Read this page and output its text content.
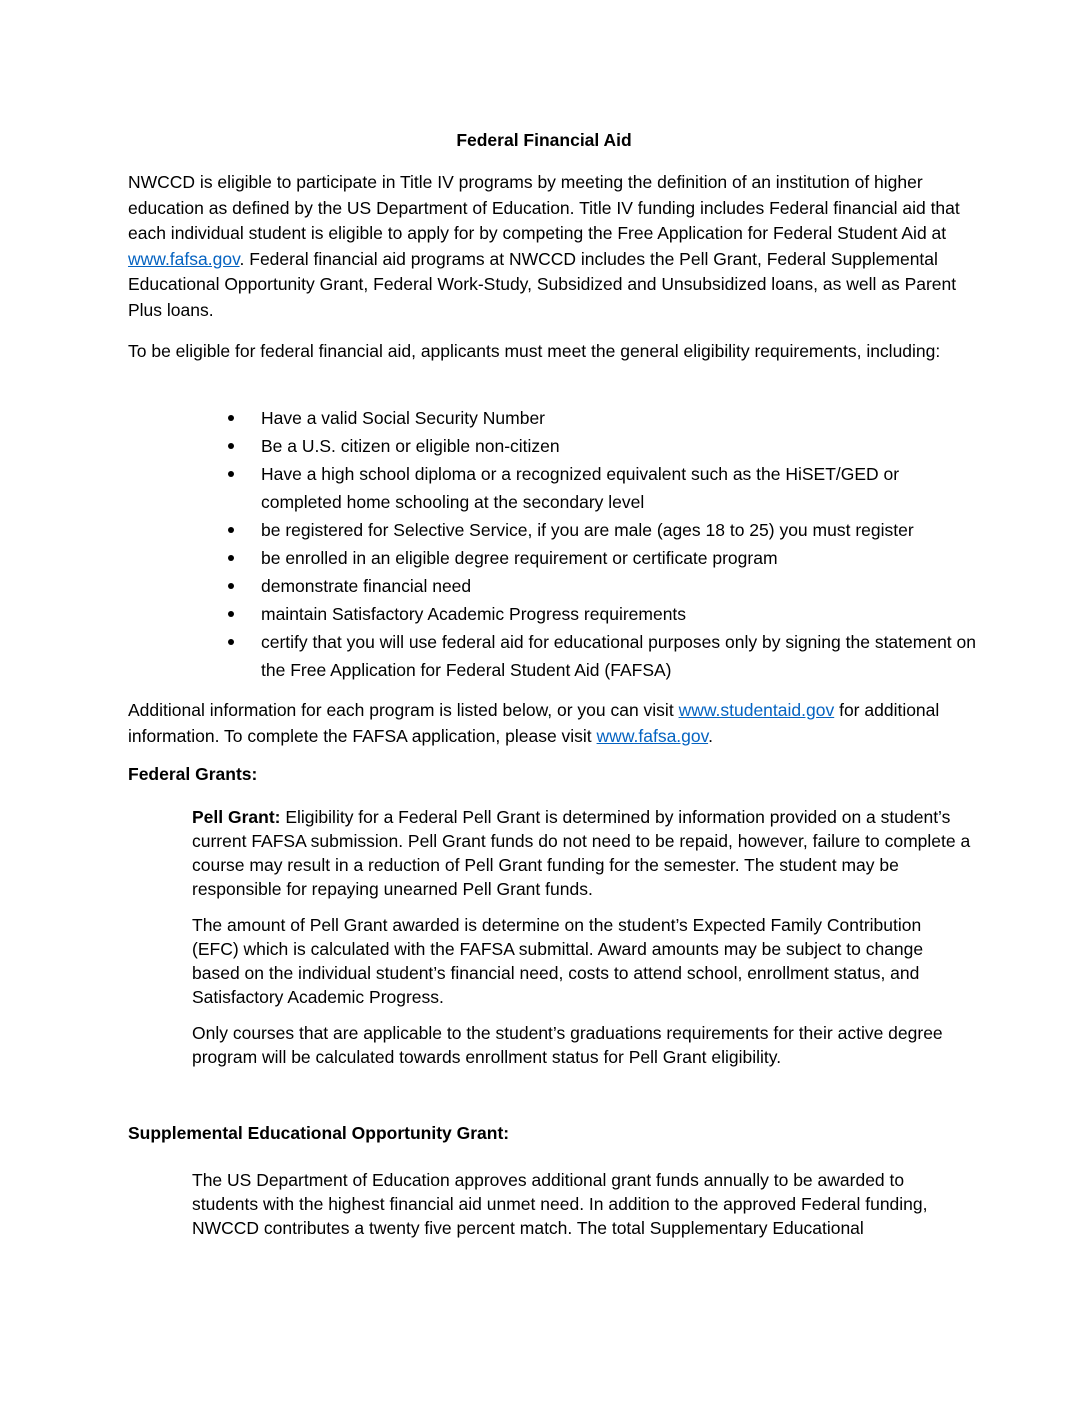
Federal Financial Aid

NWCCD is eligible to participate in Title IV programs by meeting the definition of an institution of higher education as defined by the US Department of Education. Title IV funding includes Federal financial aid that each individual student is eligible to apply for by competing the Free Application for Federal Student Aid at www.fafsa.gov. Federal financial aid programs at NWCCD includes the Pell Grant, Federal Supplemental Educational Opportunity Grant, Federal Work-Study, Subsidized and Unsubsidized loans, as well as Parent Plus loans.

To be eligible for federal financial aid, applicants must meet the general eligibility requirements, including:

Have a valid Social Security Number
Be a U.S. citizen or eligible non-citizen
Have a high school diploma or a recognized equivalent such as the HiSET/GED or completed home schooling at the secondary level
be registered for Selective Service, if you are male (ages 18 to 25) you must register
be enrolled in an eligible degree requirement or certificate program
demonstrate financial need
maintain Satisfactory Academic Progress requirements
certify that you will use federal aid for educational purposes only by signing the statement on the Free Application for Federal Student Aid (FAFSA)

Additional information for each program is listed below, or you can visit www.studentaid.gov for additional information. To complete the FAFSA application, please visit www.fafsa.gov.

Federal Grants:

Pell Grant: Eligibility for a Federal Pell Grant is determined by information provided on a student’s current FAFSA submission. Pell Grant funds do not need to be repaid, however, failure to complete a course may result in a reduction of Pell Grant funding for the semester. The student may be responsible for repaying unearned Pell Grant funds.

The amount of Pell Grant awarded is determine on the student’s Expected Family Contribution (EFC) which is calculated with the FAFSA submittal. Award amounts may be subject to change based on the individual student’s financial need, costs to attend school, enrollment status, and Satisfactory Academic Progress.

Only courses that are applicable to the student’s graduations requirements for their active degree program will be calculated towards enrollment status for Pell Grant eligibility.

Supplemental Educational Opportunity Grant:

The US Department of Education approves additional grant funds annually to be awarded to students with the highest financial aid unmet need. In addition to the approved Federal funding, NWCCD contributes a twenty five percent match. The total Supplementary Educational
